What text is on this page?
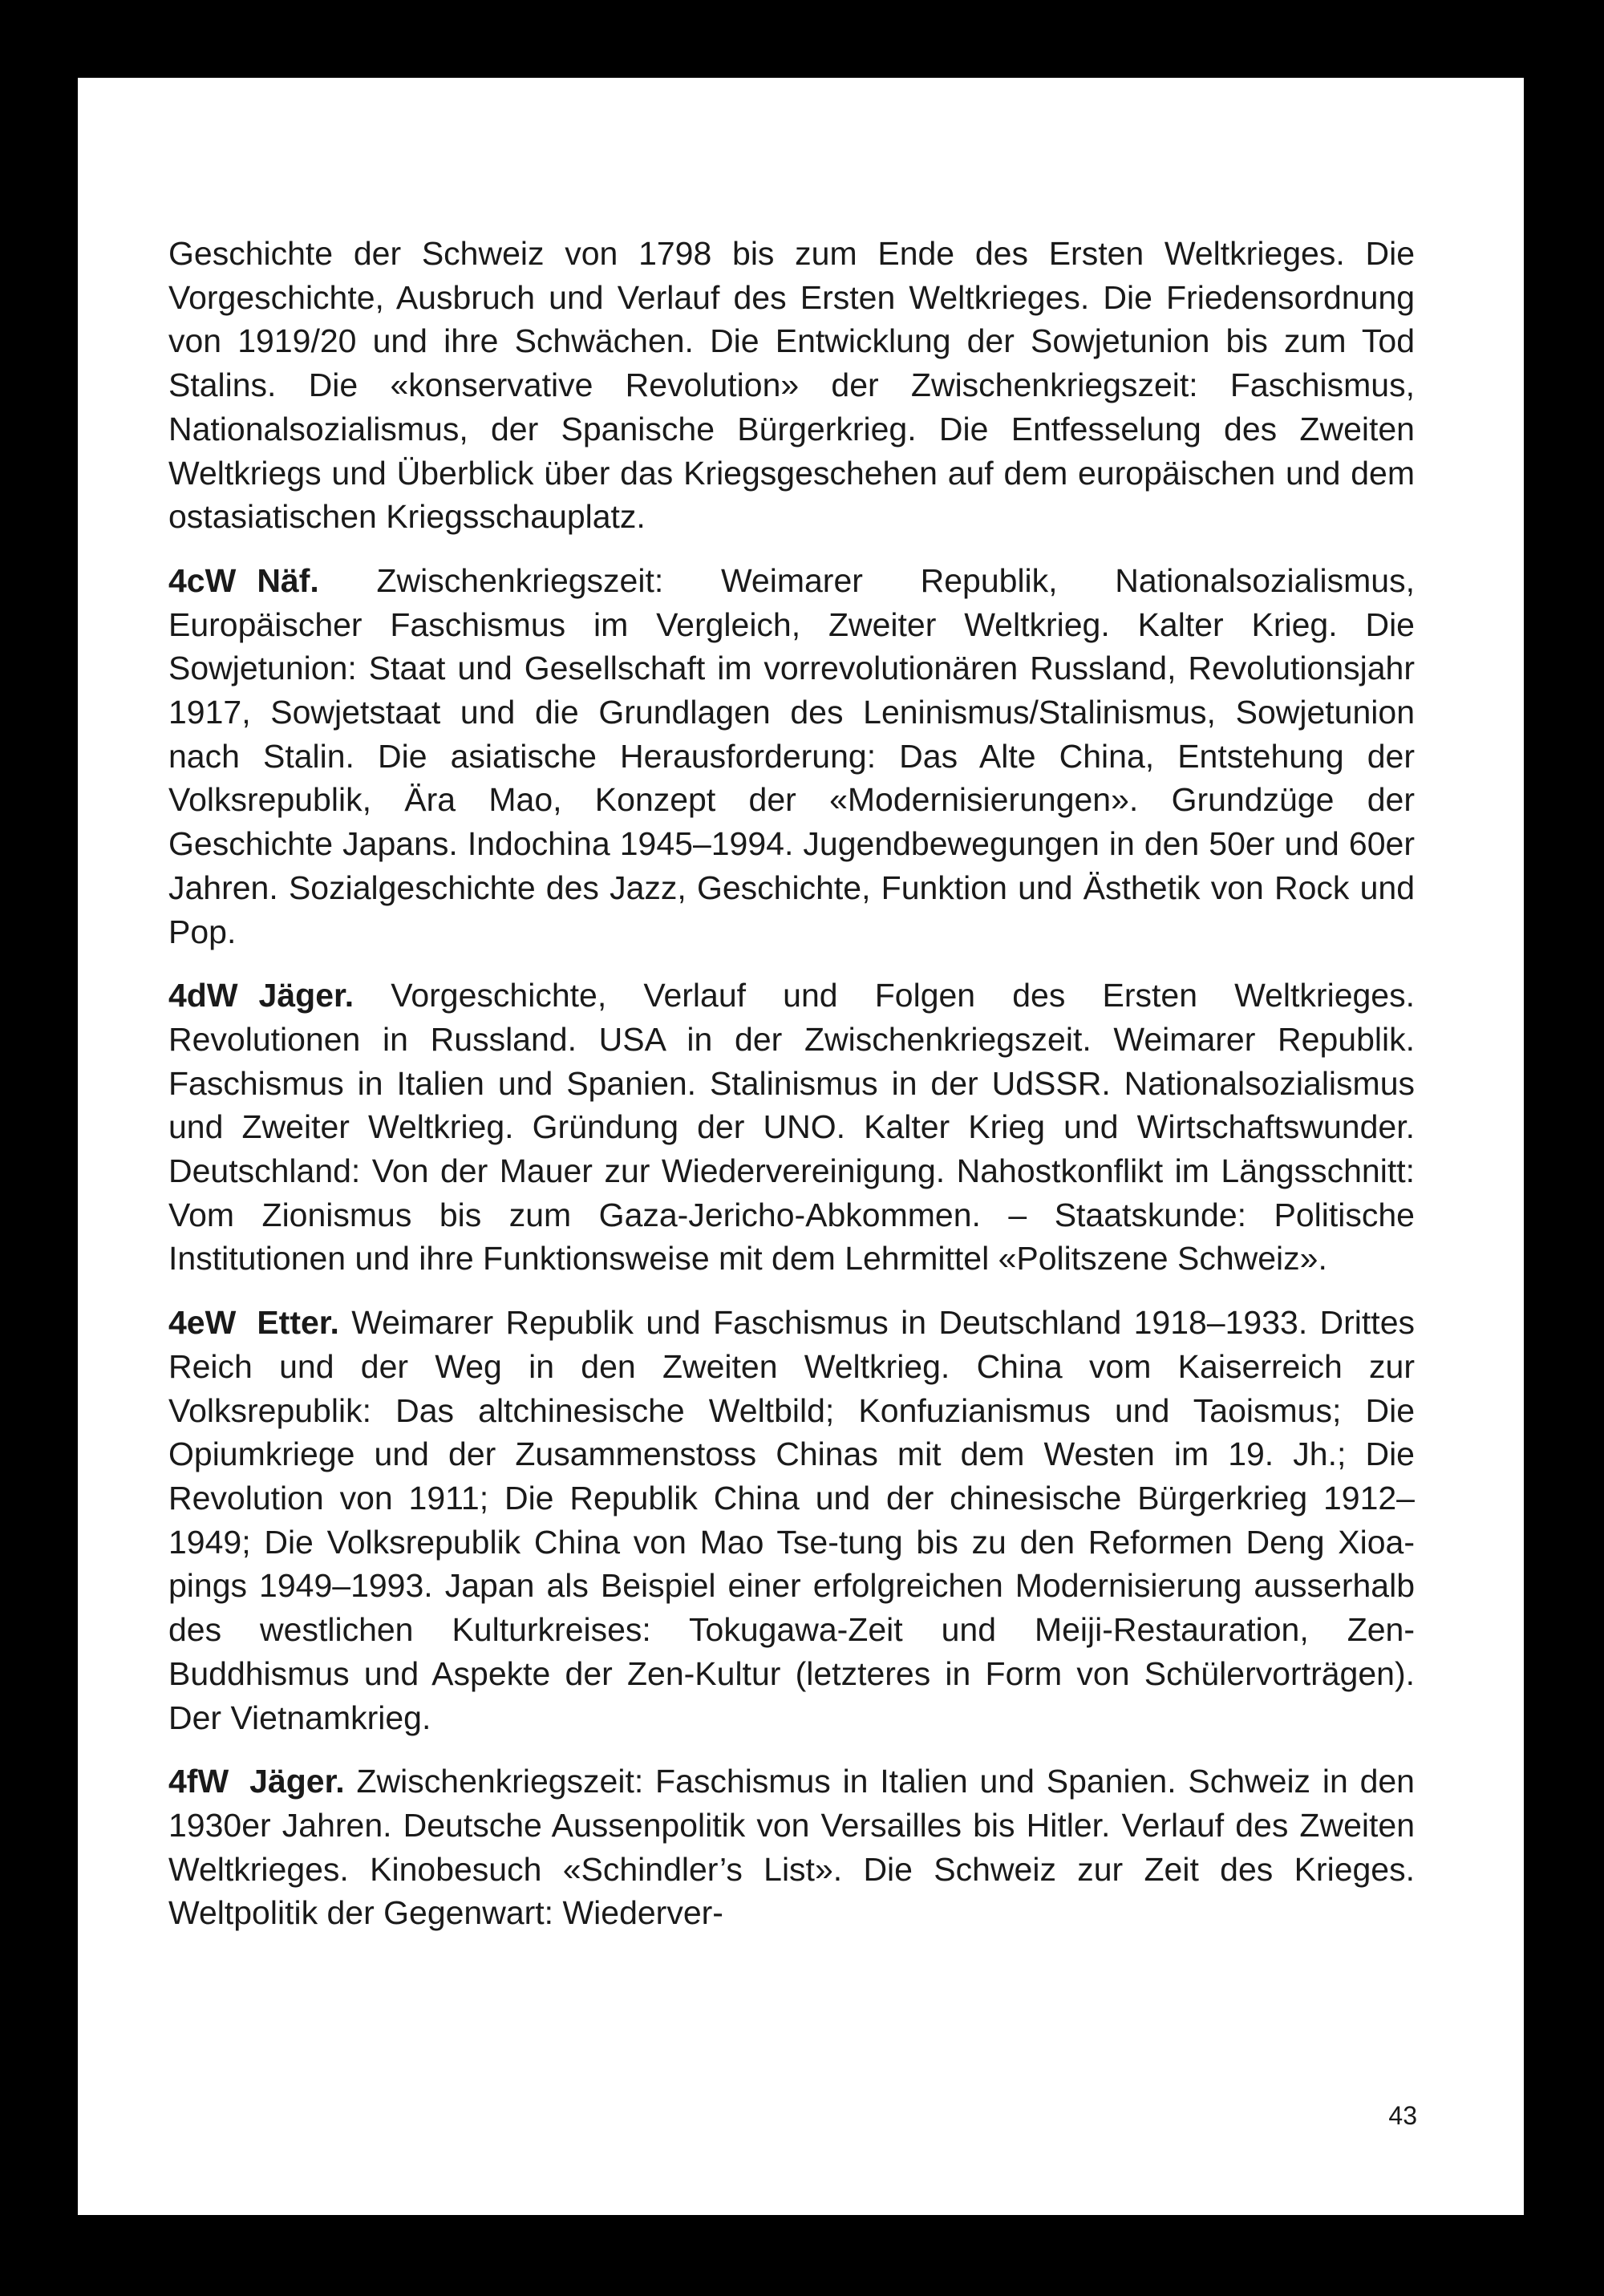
Geschichte der Schweiz von 1798 bis zum Ende des Ersten Weltkrieges. Die Vorgeschichte, Ausbruch und Verlauf des Ersten Weltkrieges. Die Friedensordnung von 1919/20 und ihre Schwächen. Die Entwicklung der Sowjetunion bis zum Tod Stalins. Die «konservative Revolution» der Zwischenkriegszeit: Faschismus, Nationalsozialismus, der Spanische Bürgerkrieg. Die Entfesselung des Zweiten Weltkriegs und Überblick über das Kriegsgeschehen auf dem europäischen und dem ostasiatischen Kriegsschauplatz.

4cW Näf. Zwischenkriegszeit: Weimarer Republik, Nationalsozialismus, Europäischer Faschismus im Vergleich, Zweiter Weltkrieg. Kalter Krieg. Die Sowjetunion: Staat und Gesellschaft im vorrevolutionären Russland, Revolutionsjahr 1917, Sowjetstaat und die Grundlagen des Leninismus/Stalinismus, Sowjetunion nach Stalin. Die asiatische Herausforderung: Das Alte China, Entstehung der Volksrepublik, Ära Mao, Konzept der «Modernisierungen». Grundzüge der Geschichte Japans. Indochina 1945–1994. Jugendbewegungen in den 50er und 60er Jahren. Sozialgeschichte des Jazz, Geschichte, Funktion und Ästhetik von Rock und Pop.

4dW Jäger. Vorgeschichte, Verlauf und Folgen des Ersten Weltkrieges. Revolutionen in Russland. USA in der Zwischenkriegszeit. Weimarer Republik. Faschismus in Italien und Spanien. Stalinismus in der UdSSR. Nationalsozialismus und Zweiter Weltkrieg. Gründung der UNO. Kalter Krieg und Wirtschaftswunder. Deutschland: Von der Mauer zur Wiedervereinigung. Nahostkonflikt im Längsschnitt: Vom Zionismus bis zum Gaza-Jericho-Abkommen. – Staatskunde: Politische Institutionen und ihre Funktionsweise mit dem Lehrmittel «Politszene Schweiz».

4eW Etter. Weimarer Republik und Faschismus in Deutschland 1918–1933. Drittes Reich und der Weg in den Zweiten Weltkrieg. China vom Kaiserreich zur Volksrepublik: Das altchinesische Weltbild; Konfuzianismus und Taoismus; Die Opiumkriege und der Zusammenstoss Chinas mit dem Westen im 19. Jh.; Die Revolution von 1911; Die Republik China und der chinesische Bürgerkrieg 1912–1949; Die Volksrepublik China von Mao Tse-tung bis zu den Reformen Deng Xioa-pings 1949–1993. Japan als Beispiel einer erfolgreichen Modernisierung ausserhalb des westlichen Kulturkreises: Tokugawa-Zeit und Meiji-Restauration, Zen-Buddhismus und Aspekte der Zen-Kultur (letzteres in Form von Schülervorträgen). Der Vietnamkrieg.

4fW Jäger. Zwischenkriegszeit: Faschismus in Italien und Spanien. Schweiz in den 1930er Jahren. Deutsche Aussenpolitik von Versailles bis Hitler. Verlauf des Zweiten Weltkrieges. Kinobesuch «Schindler’s List». Die Schweiz zur Zeit des Krieges. Weltpolitik der Gegenwart: Wiederver-

43
